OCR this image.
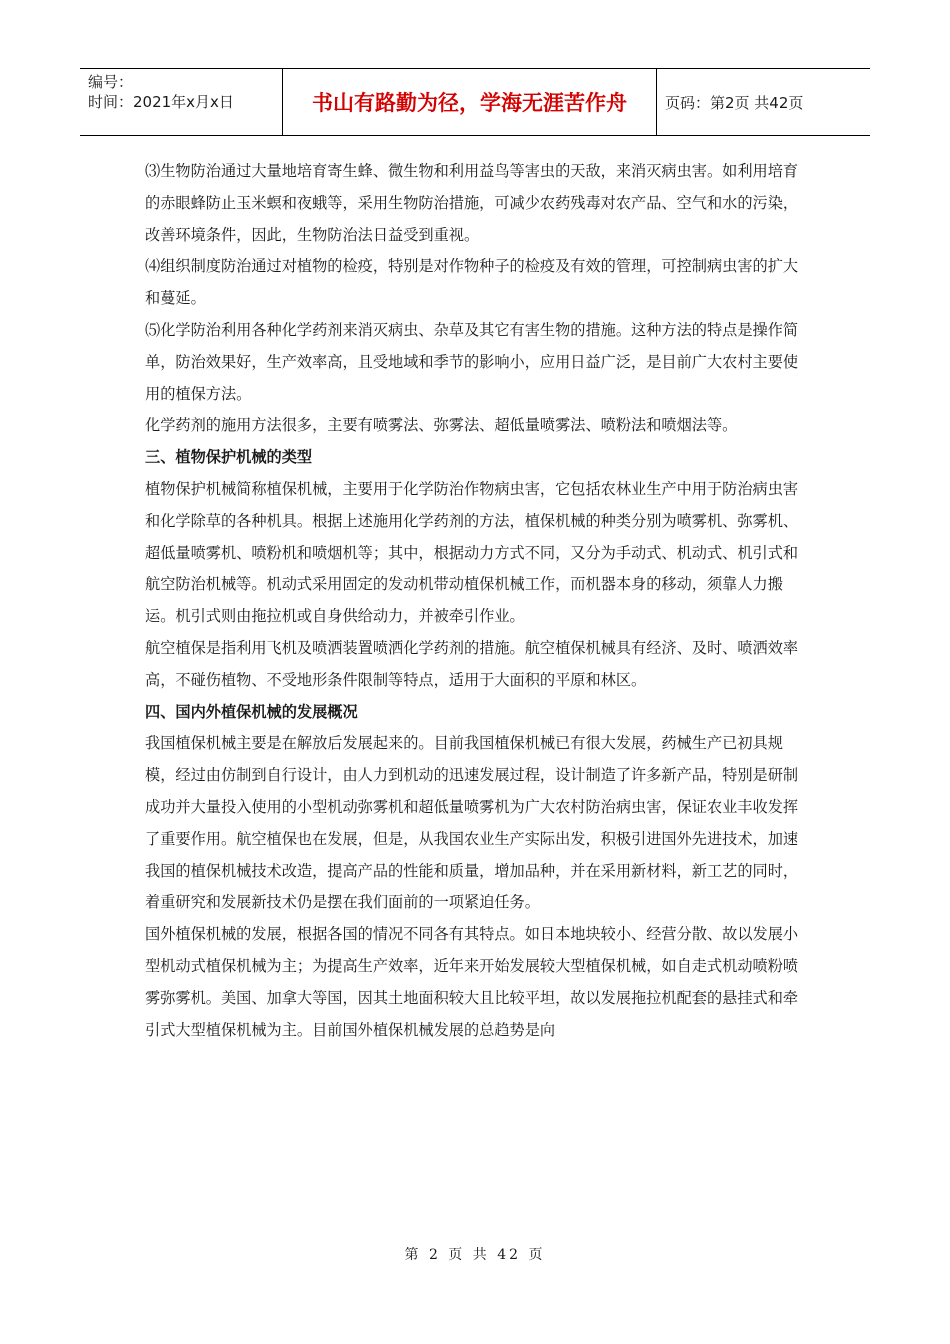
编号：
时间：2021年x月x日	书山有路勤为径，学海无涯苦作舟	页码：第2页 共42页

⑶生物防治通过大量地培育寄生蜂、微生物和利用益鸟等害虫的天敌，来消灭病虫害。如利用培育的赤眼蜂防止玉米螟和夜蛾等，采用生物防治措施，可减少农药残毒对农产品、空气和水的污染，改善环境条件，因此，生物防治法日益受到重视。

⑷组织制度防治通过对植物的检疫，特别是对作物种子的检疫及有效的管理，可控制病虫害的扩大和蔓延。

⑸化学防治利用各种化学药剂来消灭病虫、杂草及其它有害生物的措施。这种方法的特点是操作简单，防治效果好，生产效率高，且受地域和季节的影响小，应用日益广泛，是目前广大农村主要使用的植保方法。

化学药剂的施用方法很多，主要有喷雾法、弥雾法、超低量喷雾法、喷粉法和喷烟法等。

三、植物保护机械的类型

植物保护机械简称植保机械，主要用于化学防治作物病虫害，它包括农林业生产中用于防治病虫害和化学除草的各种机具。根据上述施用化学药剂的方法，植保机械的种类分别为喷雾机、弥雾机、超低量喷雾机、喷粉机和喷烟机等；其中，根据动力方式不同，又分为手动式、机动式、机引式和航空防治机械等。机动式采用固定的发动机带动植保机械工作，而机器本身的移动，须靠人力搬运。机引式则由拖拉机或自身供给动力，并被牵引作业。

航空植保是指利用飞机及喷洒装置喷洒化学药剂的措施。航空植保机械具有经济、及时、喷洒效率高，不碰伤植物、不受地形条件限制等特点，适用于大面积的平原和林区。

四、国内外植保机械的发展概况

我国植保机械主要是在解放后发展起来的。目前我国植保机械已有很大发展，药械生产已初具规模，经过由仿制到自行设计，由人力到机动的迅速发展过程，设计制造了许多新产品，特别是研制成功并大量投入使用的小型机动弥雾机和超低量喷雾机为广大农村防治病虫害，保证农业丰收发挥了重要作用。航空植保也在发展，但是，从我国农业生产实际出发，积极引进国外先进技术，加速我国的植保机械技术改造，提高产品的性能和质量，增加品种，并在采用新材料，新工艺的同时，着重研究和发展新技术仍是摆在我们面前的一项紧迫任务。

国外植保机械的发展，根据各国的情况不同各有其特点。如日本地块较小、经营分散、故以发展小型机动式植保机械为主；为提高生产效率，近年来开始发展较大型植保机械，如自走式机动喷粉喷雾弥雾机。美国、加拿大等国，因其土地面积较大且比较平坦，故以发展拖拉机配套的悬挂式和牵引式大型植保机械为主。目前国外植保机械发展的总趋势是向

第 2 页 共 42 页
